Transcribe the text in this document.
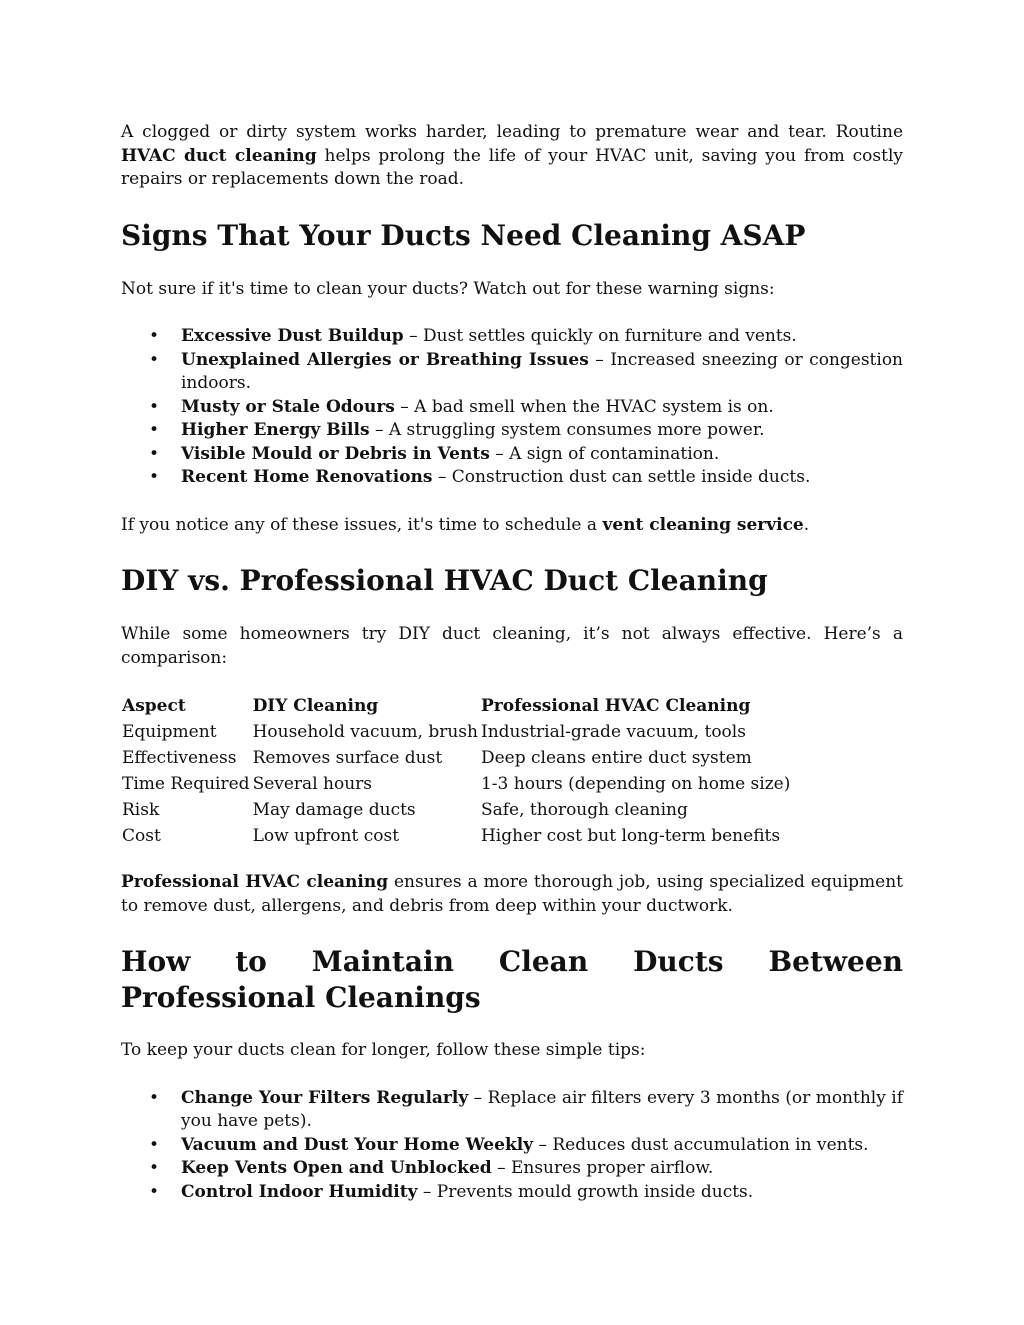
A clogged or dirty system works harder, leading to premature wear and tear. Routine HVAC duct cleaning helps prolong the life of your HVAC unit, saving you from costly repairs or replacements down the road.

Signs That Your Ducts Need Cleaning ASAP

Not sure if it's time to clean your ducts? Watch out for these warning signs:

• Excessive Dust Buildup – Dust settles quickly on furniture and vents.
• Unexplained Allergies or Breathing Issues – Increased sneezing or congestion indoors.
• Musty or Stale Odours – A bad smell when the HVAC system is on.
• Higher Energy Bills – A struggling system consumes more power.
• Visible Mould or Debris in Vents – A sign of contamination.
• Recent Home Renovations – Construction dust can settle inside ducts.

If you notice any of these issues, it's time to schedule a vent cleaning service.

DIY vs. Professional HVAC Duct Cleaning

While some homeowners try DIY duct cleaning, it’s not always effective. Here’s a comparison:

Aspect	DIY Cleaning	Professional HVAC Cleaning
Equipment	Household vacuum, brush	Industrial-grade vacuum, tools
Effectiveness	Removes surface dust	Deep cleans entire duct system
Time Required	Several hours	1-3 hours (depending on home size)
Risk	May damage ducts	Safe, thorough cleaning
Cost	Low upfront cost	Higher cost but long-term benefits

Professional HVAC cleaning ensures a more thorough job, using specialized equipment to remove dust, allergens, and debris from deep within your ductwork.

How to Maintain Clean Ducts Between Professional Cleanings

To keep your ducts clean for longer, follow these simple tips:

• Change Your Filters Regularly – Replace air filters every 3 months (or monthly if you have pets).
• Vacuum and Dust Your Home Weekly – Reduces dust accumulation in vents.
• Keep Vents Open and Unblocked – Ensures proper airflow.
• Control Indoor Humidity – Prevents mould growth inside ducts.
